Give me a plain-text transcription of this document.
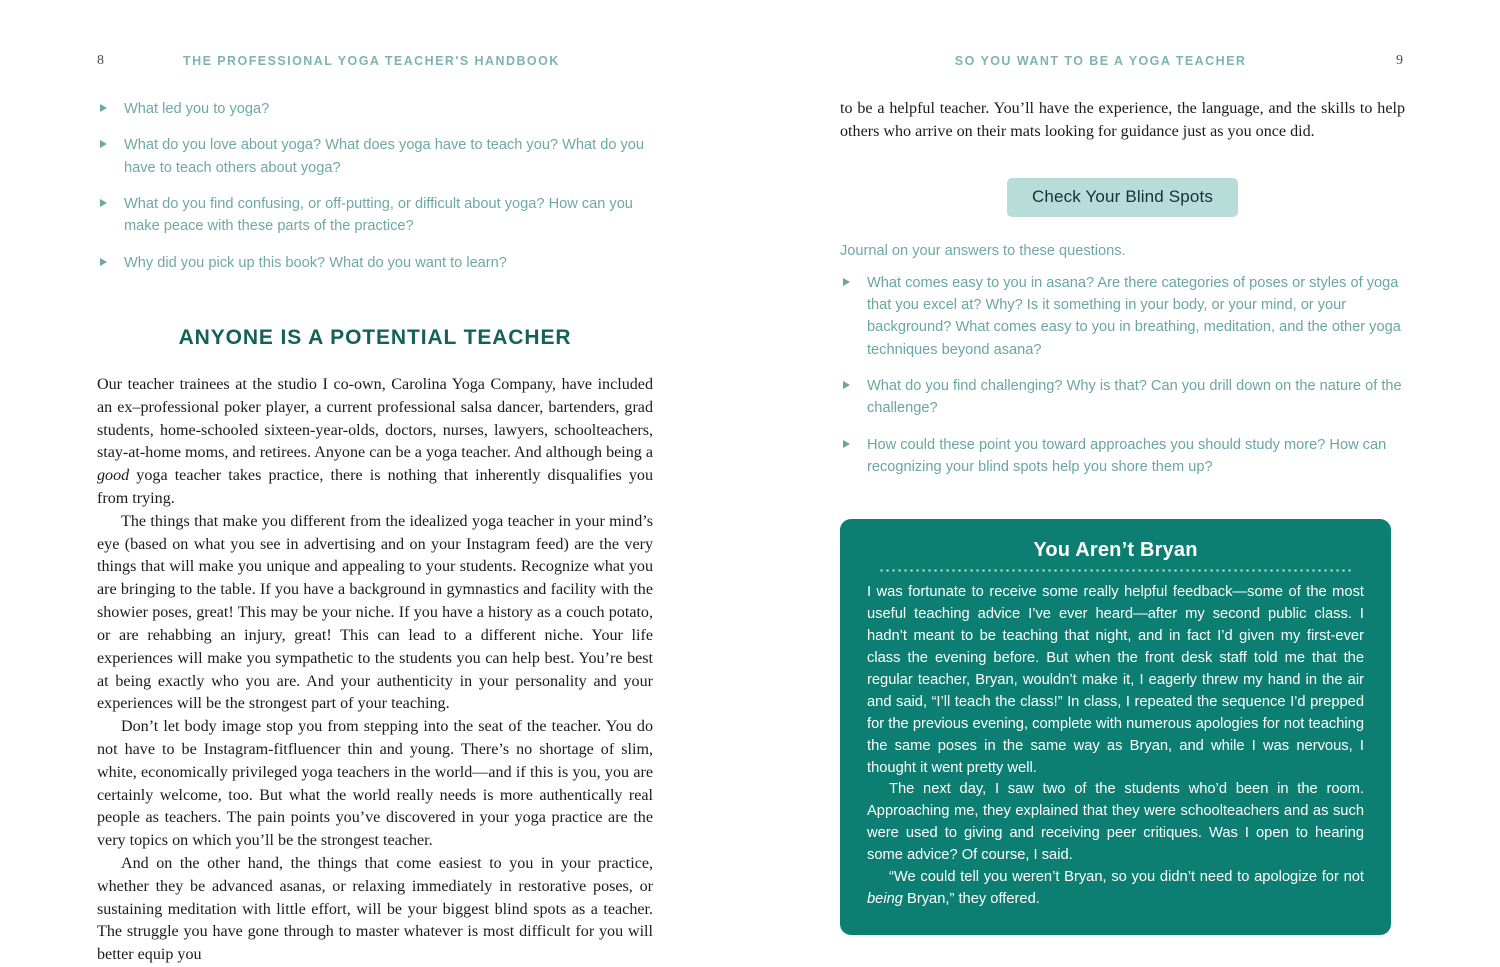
8	THE PROFESSIONAL YOGA TEACHER'S HANDBOOK
What led you to yoga?
What do you love about yoga? What does yoga have to teach you? What do you have to teach others about yoga?
What do you find confusing, or off-putting, or difficult about yoga? How can you make peace with these parts of the practice?
Why did you pick up this book? What do you want to learn?
ANYONE IS A POTENTIAL TEACHER

Our teacher trainees at the studio I co-own, Carolina Yoga Company, have included an ex–professional poker player, a current professional salsa dancer, bartenders, grad students, home-schooled sixteen-year-olds, doctors, nurses, lawyers, schoolteachers, stay-at-home moms, and retirees. Anyone can be a yoga teacher. And although being a good yoga teacher takes practice, there is nothing that inherently disqualifies you from trying.

The things that make you different from the idealized yoga teacher in your mind’s eye (based on what you see in advertising and on your Instagram feed) are the very things that will make you unique and appealing to your students. Recognize what you are bringing to the table. If you have a background in gymnastics and facility with the showier poses, great! This may be your niche. If you have a history as a couch potato, or are rehabbing an injury, great! This can lead to a different niche. Your life experiences will make you sympathetic to the students you can help best. You’re best at being exactly who you are. And your authenticity in your personality and your experiences will be the strongest part of your teaching.

Don’t let body image stop you from stepping into the seat of the teacher. You do not have to be Instagram-fitfluencer thin and young. There’s no shortage of slim, white, economically privileged yoga teachers in the world—and if this is you, you are certainly welcome, too. But what the world really needs is more authentically real people as teachers. The pain points you’ve discovered in your yoga practice are the very topics on which you’ll be the strongest teacher.

And on the other hand, the things that come easiest to you in your practice, whether they be advanced asanas, or relaxing immediately in restorative poses, or sustaining meditation with little effort, will be your biggest blind spots as a teacher. The struggle you have gone through to master whatever is most difficult for you will better equip you

SO YOU WANT TO BE A YOGA TEACHER	9

to be a helpful teacher. You’ll have the experience, the language, and the skills to help others who arrive on their mats looking for guidance just as you once did.

Check Your Blind Spots

Journal on your answers to these questions.

What comes easy to you in asana? Are there categories of poses or styles of yoga that you excel at? Why? Is it something in your body, or your mind, or your background? What comes easy to you in breathing, meditation, and the other yoga techniques beyond asana?
What do you find challenging? Why is that? Can you drill down on the nature of the challenge?
How could these point you toward approaches you should study more? How can recognizing your blind spots help you shore them up?
You Aren’t Bryan

I was fortunate to receive some really helpful feedback—some of the most useful teaching advice I’ve ever heard—after my second public class. I hadn’t meant to be teaching that night, and in fact I’d given my first-ever class the evening before. But when the front desk staff told me that the regular teacher, Bryan, wouldn’t make it, I eagerly threw my hand in the air and said, “I’ll teach the class!” In class, I repeated the sequence I’d prepped for the previous evening, complete with numerous apologies for not teaching the same poses in the same way as Bryan, and while I was nervous, I thought it went pretty well.

The next day, I saw two of the students who’d been in the room. Approaching me, they explained that they were schoolteachers and as such were used to giving and receiving peer critiques. Was I open to hearing some advice? Of course, I said.

“We could tell you weren’t Bryan, so you didn’t need to apologize for not being Bryan,” they offered.
